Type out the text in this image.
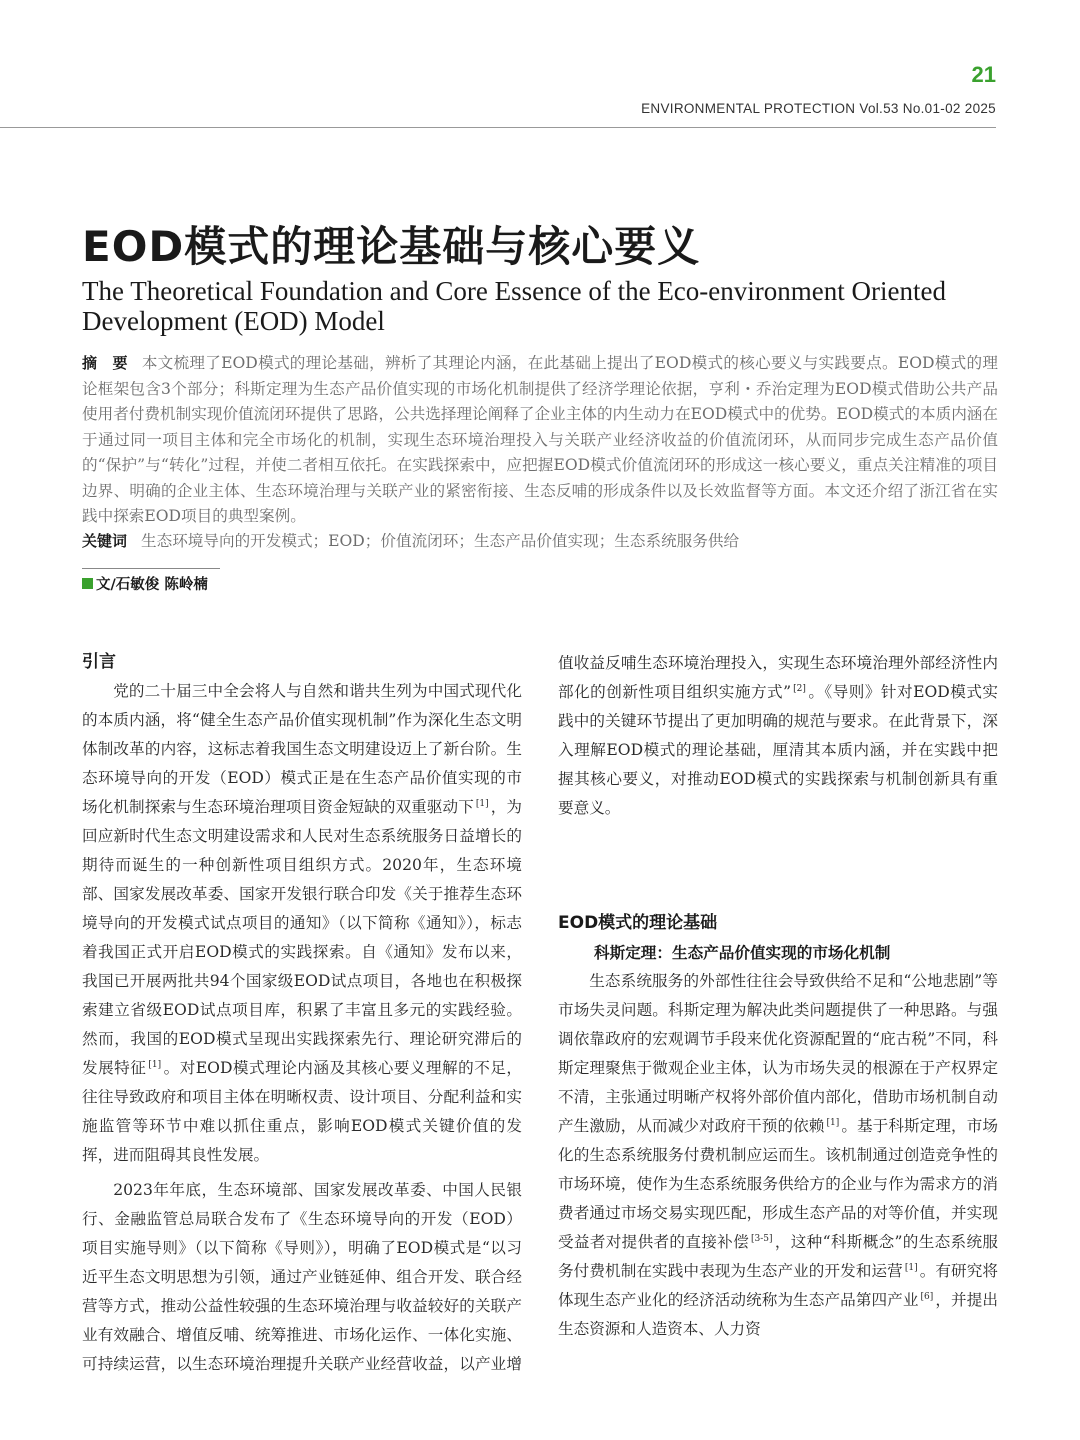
21
ENVIRONMENTAL PROTECTION Vol.53 No.01-02 2025
EOD模式的理论基础与核心要义
The Theoretical Foundation and Core Essence of the Eco-environment Oriented Development (EOD) Model

摘　要 本文梳理了EOD模式的理论基础，辨析了其理论内涵，在此基础上提出了EOD模式的核心要义与实践要点。EOD模式的理论框架包含3个部分；科斯定理为生态产品价值实现的市场化机制提供了经济学理论依据，亨利・乔治定理为EOD模式借助公共产品使用者付费机制实现价值流闭环提供了思路，公共选择理论阐释了企业主体的内生动力在EOD模式中的优势。EOD模式的本质内涵在于通过同一项目主体和完全市场化的机制，实现生态环境治理投入与关联产业经济收益的价值流闭环，从而同步完成生态产品价值的“保护”与“转化”过程，并使二者相互依托。在实践探索中，应把握EOD模式价值流闭环的形成这一核心要义，重点关注精准的项目边界、明确的企业主体、生态环境治理与关联产业的紧密衔接、生态反哺的形成条件以及长效监督等方面。本文还介绍了浙江省在实践中探索EOD项目的典型案例。

关键词 生态环境导向的开发模式；EOD；价值流闭环；生态产品价值实现；生态系统服务供给

文/石敏俊 陈岭楠
引言

党的二十届三中全会将人与自然和谐共生列为中国式现代化的本质内涵，将“健全生态产品价值实现机制”作为深化生态文明体制改革的内容，这标志着我国生态文明建设迈上了新台阶。生态环境导向的开发（EOD）模式正是在生态产品价值实现的市场化机制探索与生态环境治理项目资金短缺的双重驱动下 [1] ，为回应新时代生态文明建设需求和人民对生态系统服务日益增长的期待而诞生的一种创新性项目组织方式。2020年，生态环境部、国家发展改革委、国家开发银行联合印发《关于推荐生态环境导向的开发模式试点项目的通知》（以下简称《通知》），标志着我国正式开启EOD模式的实践探索。自《通知》发布以来，我国已开展两批共94个国家级EOD试点项目，各地也在积极探索建立省级EOD试点项目库，积累了丰富且多元的实践经验。然而，我国的EOD模式呈现出实践探索先行、理论研究滞后的发展特征 [1] 。对EOD模式理论内涵及其核心要义理解的不足，往往导致政府和项目主体在明晰权责、设计项目、分配利益和实施监管等环节中难以抓住重点，影响EOD模式关键价值的发挥，进而阻碍其良性发展。

2023年年底，生态环境部、国家发展改革委、中国人民银行、金融监管总局联合发布了《生态环境导向的开发（EOD）项目实施导则》（以下简称《导则》），明确了EOD模式是“以习近平生态文明思想为引领，通过产业链延伸、组合开发、联合经营等方式，推动公益性较强的生态环境治理与收益较好的关联产业有效融合、增值反哺、统筹推进、市场化运作、一体化实施、可持续运营，以生态环境治理提升关联产业经营收益，以产业增

EOD模式的理论基础
科斯定理：生态产品价值实现的市场化机制

生态系统服务的外部性往往会导致供给不足和“公地悲剧”等市场失灵问题。科斯定理为解决此类问题提供了一种思路。与强调依靠政府的宏观调节手段来优化资源配置的“庇古税”不同，科斯定理聚焦于微观企业主体，认为市场失灵的根源在于产权界定不清，主张通过明晰产权将外部价值内部化，借助市场机制自动产生激励，从而减少对政府干预的依赖 [1] 。基于科斯定理，市场化的生态系统服务付费机制应运而生。该机制通过创造竞争性的市场环境，使作为生态系统服务供给方的企业与作为需求方的消费者通过市场交易实现匹配，形成生态产品的对等价值，并实现受益者对提供者的直接补偿 [3-5] ，这种“科斯概念”的生态系统服务付费机制在实践中表现为生态产业的开发和运营 [1] 。有研究将体现生态产业化的经济活动统称为生态产品第四产业 [6] ，并提出生态资源和人造资本、人力资

值收益反哺生态环境治理投入，实现生态环境治理外部经济性内部化的创新性项目组织实施方式” [2] 。《导则》针对EOD模式实践中的关键环节提出了更加明确的规范与要求。在此背景下，深入理解EOD模式的理论基础，厘清其本质内涵，并在实践中把握其核心要义，对推动EOD模式的实践探索与机制创新具有重要意义。
